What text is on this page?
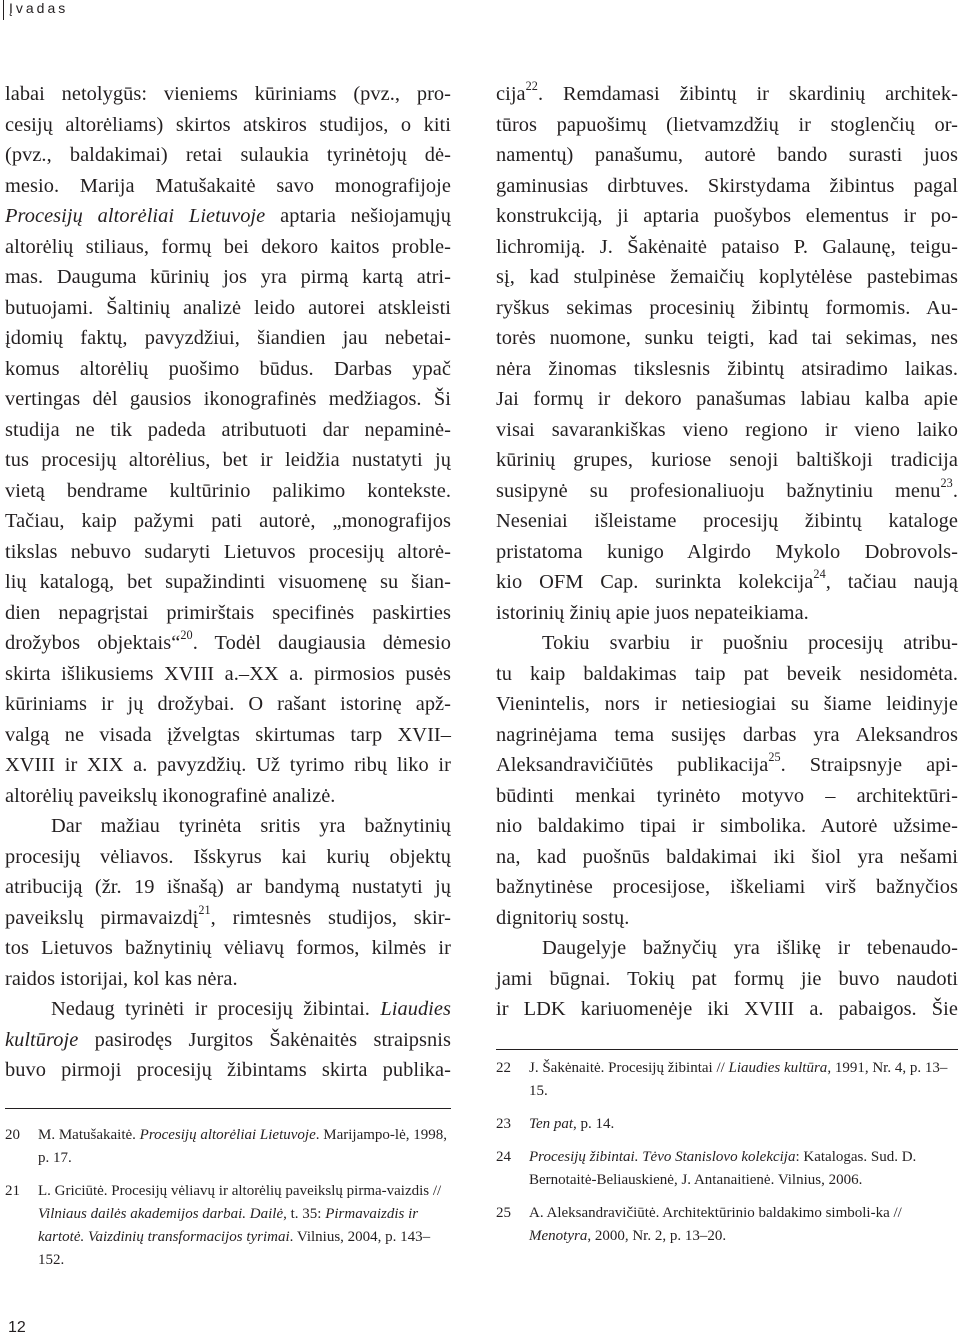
Įvadas

labai netolygūs: vieniems kūriniams (pvz., pro-
cesijų altorėliams) skirtos atskiros studijos, o kiti
(pvz., baldakimai) retai sulaukia tyrinėtojų dė-
mesio. Marija Matušakaitė savo monografijoje
Procesijų altorėliai Lietuvoje aptaria nešiojamųjų
altorėlių stiliaus, formų bei dekoro kaitos proble-
mas. Dauguma kūrinių jos yra pirmą kartą atri-
butuojami. Šaltinių analizė leido autorei atskleisti
įdomių faktų, pavyzdžiui, šiandien jau nebetai-
komus altorėlių puošimo būdus. Darbas ypač
vertingas dėl gausios ikonografinės medžiagos. Ši
studija ne tik padeda atributuoti dar nepaminė-
tus procesijų altorėlius, bet ir leidžia nustatyti jų
vietą bendrame kultūrinio palikimo kontekste.
Tačiau, kaip pažymi pati autorė, „monografijos
tikslas nebuvo sudaryti Lietuvos procesijų altorė-
lių katalogą, bet supažindinti visuomenę su šian-
dien nepagrįstai primirštais specifinės paskirties
drožybos objektais“$^{20}$. Todėl daugiausia dėmesio
skirta išlikusiems XVIII a.–XX a. pirmosios pusės
kūriniams ir jų drožybai. O rašant istorinę apž-
valgą ne visada įžvelgtas skirtumas tarp XVII–
XVIII ir XIX a. pavyzdžių. Už tyrimo ribų liko ir
altorėlių paveikslų ikonografinė analizė.

Dar mažiau tyrinėta sritis yra bažnytinių
procesijų vėliavos. Išskyrus kai kurių objektų
atribuciją (žr. 19 išnašą) ar bandymą nustatyti jų
paveikslų pirmavaizdį$^{21}$, rimtesnės studijos, skir-
tos Lietuvos bažnytinių vėliavų formos, kilmės ir
raidos istorijai, kol kas nėra.

Nedaug tyrinėti ir procesijų žibintai. Liaudies
kultūroje pasirodęs Jurgitos Šakėnaitės straipsnis
buvo pirmoji procesijų žibintams skirta publika-

20 M. Matušakaitė. Procesijų altorėliai Lietuvoje. Marijampo-lė, 1998, p. 17.
21 L. Griciūtė. Procesijų vėliavų ir altorėlių paveikslų pirma-vaizdis // Vilniaus dailės akademijos darbai. Dailė, t. 35: Pirmavaizdis ir kartotė. Vaizdinių transformacijos tyrimai. Vilnius, 2004, p. 143–152.

cija$^{22}$. Remdamasi žibintų ir skardinių architek-
tūros papuošimų (lietvamzdžių ir stoglenčių or-
namentų) panašumu, autorė bando surasti juos
gaminusias dirbtuves. Skirstydama žibintus pagal
konstrukciją, ji aptaria puošybos elementus ir po-
lichromiją. J. Šakėnaitė pataiso P. Galaunę, teigu-
sį, kad stulpinėse žemaičių koplytėlėse pastebimas
ryškus sekimas procesinių žibintų formomis. Au-
torės nuomone, sunku teigti, kad tai sekimas, nes
nėra žinomas tikslesnis žibintų atsiradimo laikas.
Jai formų ir dekoro panašumas labiau kalba apie
visai savarankiškas vieno regiono ir vieno laiko
kūrinių grupes, kuriose senoji baltiškoji tradicija
susipynė su profesionaliuoju bažnytiniu menu$^{23}$.
Neseniai išleistame procesijų žibintų kataloge
pristatoma kunigo Algirdo Mykolo Dobrovols-
kio OFM Cap. surinkta kolekcija$^{24}$, tačiau naują
istorinių žinių apie juos nepateikiama.

Tokiu svarbiu ir puošniu procesijų atribu-
tu kaip baldakimas taip pat beveik nesidomėta.
Vienintelis, nors ir netiesiogiai su šiame leidinyje
nagrinėjama tema susijęs darbas yra Aleksandros
Aleksandravičiūtės publikacija$^{25}$. Straipsnyje api-
būdinti menkai tyrinėto motyvo – architektūri-
nio baldakimo tipai ir simbolika. Autorė užsime-
na, kad puošnūs baldakimai iki šiol yra nešami
bažnytinėse procesijose, iškeliami virš bažnyčios
dignitorių sostų.

Daugelyje bažnyčių yra išlikę ir tebenaudo-
jami būgnai. Tokių pat formų jie buvo naudoti
ir LDK kariuomenėje iki XVIII a. pabaigos. Šie

22 J. Šakėnaitė. Procesijų žibintai // Liaudies kultūra, 1991, Nr. 4, p. 13–15.
23 Ten pat, p. 14.
24 Procesijų žibintai. Tėvo Stanislovo kolekcija: Katalogas. Sud. D. Bernotaitė-Beliauskienė, J. Antanaitienė. Vilnius, 2006.
25 A. Aleksandravičiūtė. Architektūrinio baldakimo simboli-ka // Menotyra, 2000, Nr. 2, p. 13–20.
12
